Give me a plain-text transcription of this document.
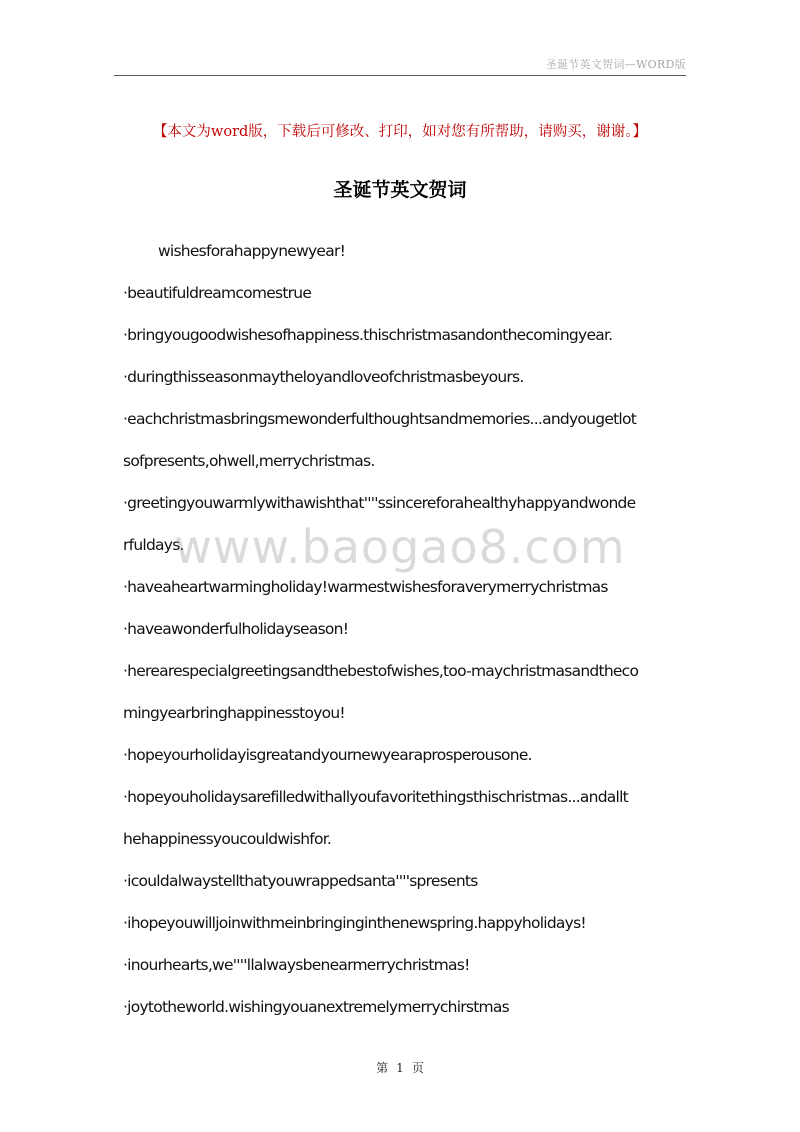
圣诞节英文贺词—WORD版
【本文为word版，下载后可修改、打印，如对您有所帮助，请购买，谢谢。】
圣诞节英文贺词
wishesforahappynewyear!
·beautifuldreamcomestrue
·bringyougoodwishesofhappiness.thischristmasandonthecomingyear.
·duringthisseasonmaytheloyandloveofchristmasbeyours.
·eachchristmasbringsmewonderfulthoughtsandmemories...andyougetlot
sofpresents,ohwell,merrychristmas.
·greetingyouwarmlywithawishthat''''ssincereforahealthyhappyandwonde
rfuldays.
·haveaheartwarmingholiday!warmestwishesforaverymerrychristmas
·haveawonderfulholidayseason!
·herearespecialgreetingsandthebestofwishes,too-maychristmasandtheco
mingyearbringhappinesstoyou!
·hopeyourholidayisgreatandyournewyearaprosperousone.
·hopeyouholidaysarefilledwithallyoufavoritethingsthischristmas...andallt
hehappinessyoucouldwishfor.
·icouldalwaystellthatyouwrappedsanta''''spresents
·ihopeyouwilljoinwithmeinbringinginthenewspring.happyholidays!
·inourhearts,we''''llalwaysbenearmerrychristmas!
·joytotheworld.wishingyouanextremelymerrychirstmas
www.baogao8.com
第 1 页
